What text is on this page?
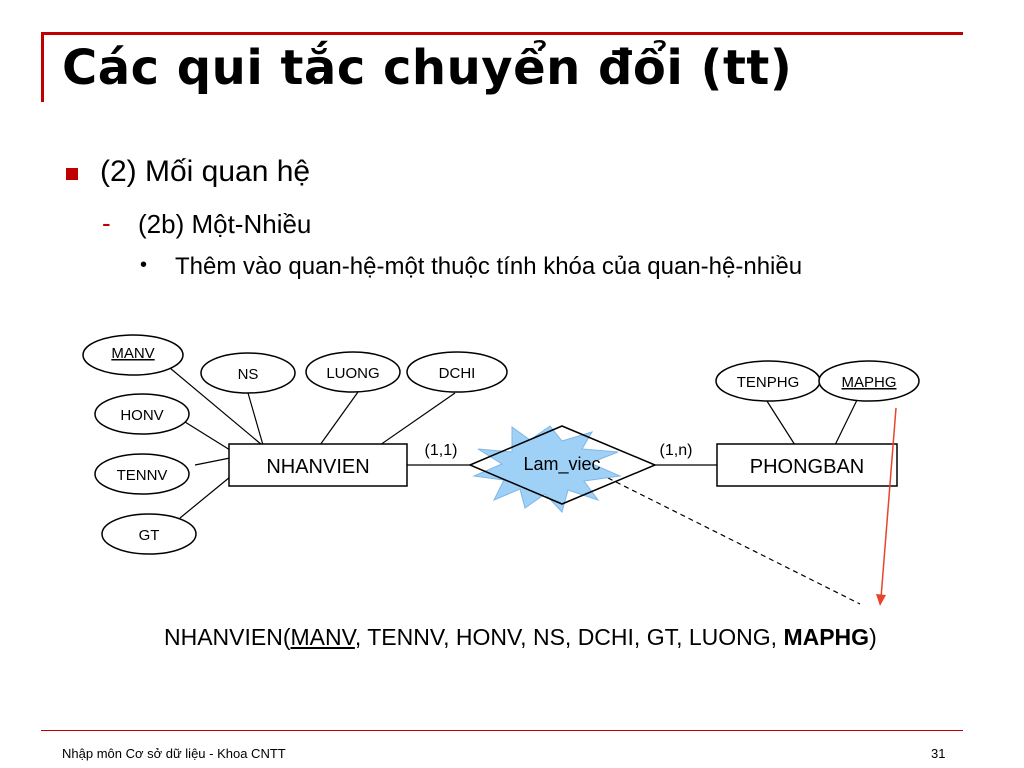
Các qui tắc chuyển đổi (tt)
(2) Mối quan hệ
- (2b) Một-Nhiều
• Thêm vào quan-hệ-một thuộc tính khóa của quan-hệ-nhiều
MANV
NS	LUONG	DCHI
HONV
TENNV
GT
TENPHG	MAPHG
NHANVIEN	PHONGBAN
Lam_viec
(1,1)	(1,n)
NHANVIEN(MANV, TENNV, HONV, NS, DCHI, GT, LUONG, MAPHG)
Nhập môn Cơ sở dữ liệu - Khoa CNTT	31
